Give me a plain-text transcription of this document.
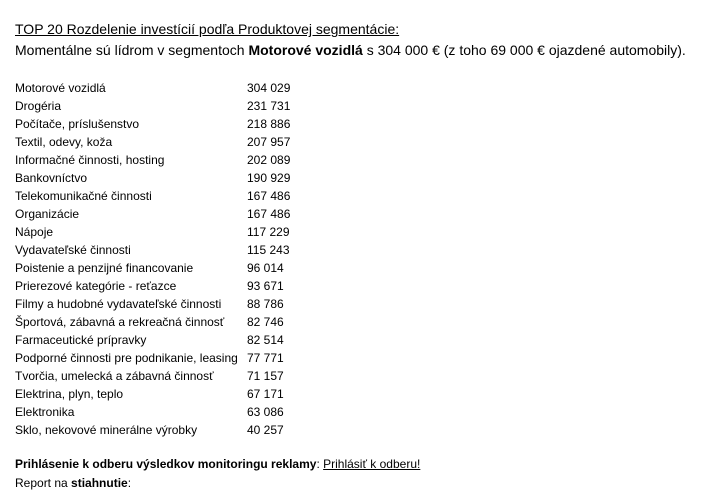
TOP 20 Rozdelenie investícií podľa Produktovej segmentácie:
Momentálne sú lídrom v segmentoch Motorové vozidlá s 304 000 € (z toho 69 000 € ojazdené automobily).
Motorové vozidlá	304 029
Drogéria	231 731
Počítače, príslušenstvo	218 886
Textil, odevy, koža	207 957
Informačné činnosti, hosting	202 089
Bankovníctvo	190 929
Telekomunikačné činnosti	167 486
Organizácie	167 486
Nápoje	117 229
Vydavateľské činnosti	115 243
Poistenie a penzijné financovanie	96 014
Prierezové kategórie - reťazce	93 671
Filmy a hudobné vydavateľské činnosti 88 786
Športová, zábavná a rekreačná činnosť 82 746
Farmaceutické prípravky	82 514
Podporné činnosti pre podnikanie, leasing 77 771
Tvorčia, umelecká a zábavná činnosť	71 157
Elektrina, plyn, teplo	67 171
Elektronika	63 086
Sklo, nekovové minerálne výrobky	40 257
Prihlásenie k odberu výsledkov monitoringu reklamy: Prihlásiť k odberu!
Report na stiahnutie:
